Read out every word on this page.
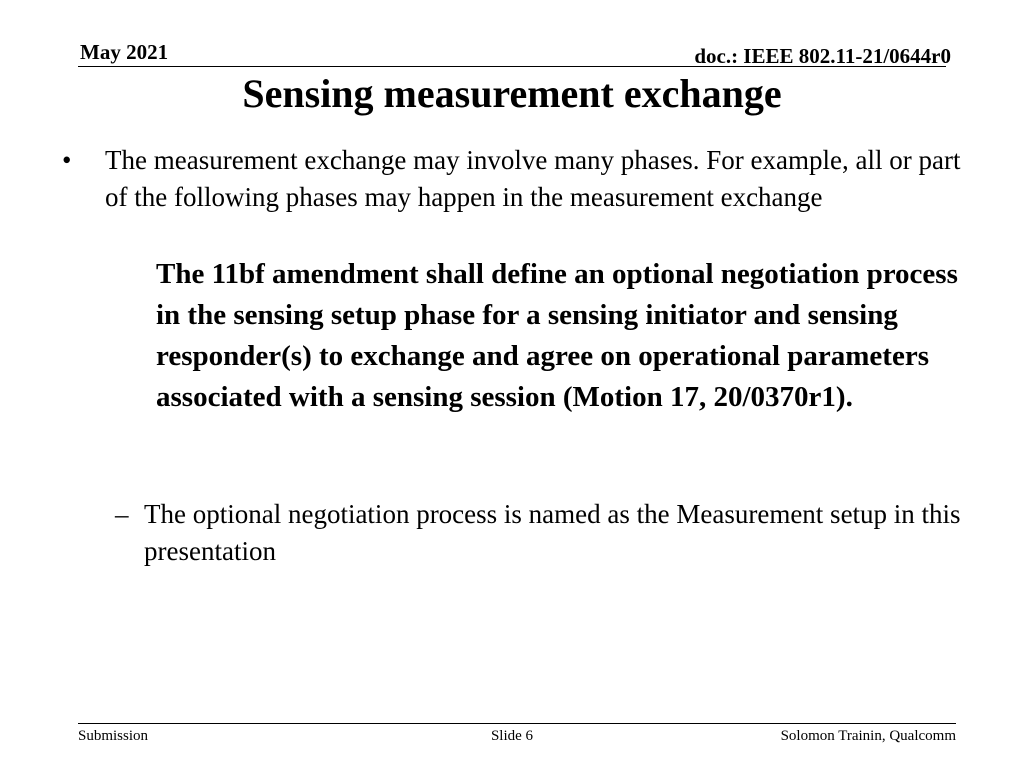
May 2021	doc.: IEEE 802.11-21/0644r0
Sensing measurement exchange
• The measurement exchange may involve many phases. For example, all or part of the following phases may happen in the measurement exchange
The 11bf amendment shall define an optional negotiation process in the sensing setup phase for a sensing initiator and sensing responder(s) to exchange and agree on operational parameters associated with a sensing session (Motion 17, 20/0370r1).
– The optional negotiation process is named as the Measurement setup in this presentation
Submission	Slide 6	Solomon Trainin, Qualcomm
